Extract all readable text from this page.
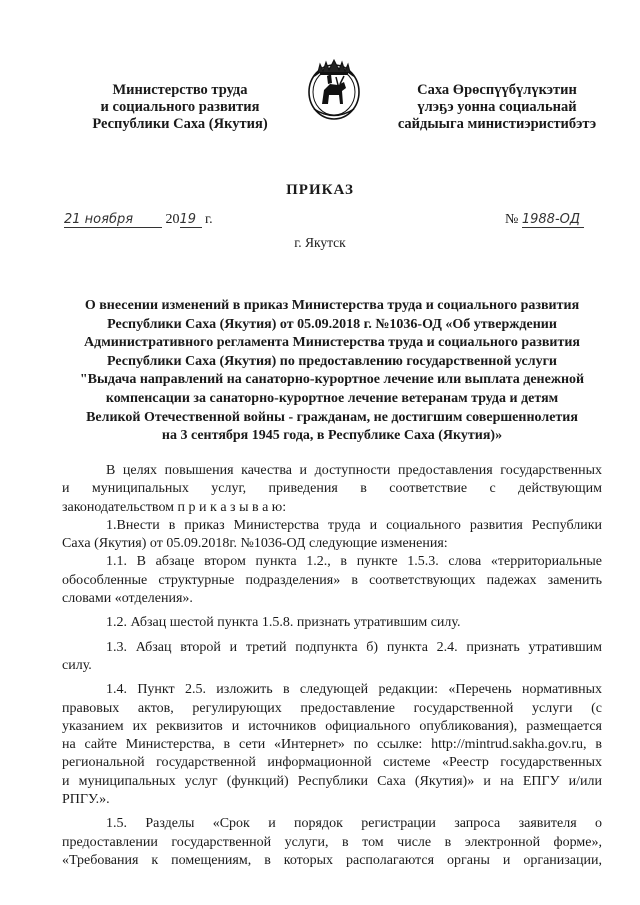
Министерство труда
и социального развития
Республики Саха (Якутия)
Саха Өрөспүүбүлүкэтин
үлэҕэ уонна социальнай
сайдыыга министиэристибэтэ
ПРИКАЗ
21 ноября 2019 г.	№ 1988-ОД
г. Якутск
О внесении изменений в приказ Министерства труда и социального развития
Республики Саха (Якутия) от 05.09.2018 г. №1036-ОД «Об утверждении
Административного регламента Министерства труда и социального развития
Республики Саха (Якутия) по предоставлению государственной услуги
"Выдача направлений на санаторно-курортное лечение или выплата денежной
компенсации за санаторно-курортное лечение ветеранам труда и детям
Великой Отечественной войны - гражданам, не достигшим совершеннолетия
на 3 сентября 1945 года, в Республике Саха (Якутия)»
В целях повышения качества и доступности предоставления государственных
и муниципальных услуг, приведения в соответствие с действующим
законодательством п р и к а з ы в а ю:
1.Внести в приказ Министерства труда и социального развития Республики
Саха (Якутия) от 05.09.2018г. №1036-ОД следующие изменения:
1.1. В абзаце втором пункта 1.2., в пункте 1.5.3. слова «территориальные
обособленные структурные подразделения» в соответствующих падежах заменить
словами «отделения».
1.2. Абзац шестой пункта 1.5.8. признать утратившим силу.
1.3. Абзац второй и третий подпункта б) пункта 2.4. признать утратившим
силу.
1.4. Пункт 2.5. изложить в следующей редакции: «Перечень нормативных
правовых актов, регулирующих предоставление государственной услуги (с
указанием их реквизитов и источников официального опубликования), размещается
на сайте Министерства, в сети «Интернет» по ссылке: http://mintrud.sakha.gov.ru, в
региональной государственной информационной системе «Реестр государственных
и муниципальных услуг (функций) Республики Саха (Якутия)» и на ЕПГУ и/или
РПГУ.».
1.5. Разделы «Срок и порядок регистрации запроса заявителя о
предоставлении государственной услуги, в том числе в электронной форме»,
«Требования к помещениям, в которых располагаются органы и организации,
